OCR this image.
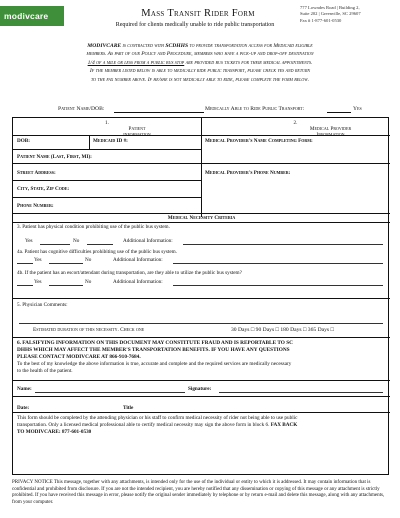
modivcare	Mass Transit Rider Form
Required for clients medically unable to ride public transportation
777 Lowndes Road | Building 2,
Suite 202 | Greenville, SC 29607
Fax # 1-877-601-0530
MODIVCARE is contracted with SCDHHS to provide transportation access for Medicaid eligible
members. As part of our Policy and Procedure, members who have a pick-up and drop-off destination
1/4 of a mile or less from a public bus stop are provided bus tickets for their medical appointments.
If the member listed below is able to medically ride public transport, please check yes and return
to the fax number above. If he/she is not medically able to ride, please complete the form below.
Patient Name/DOB:	Medically Able to Ride Public Transport:	Yes
1.
Patient
information
2.
Medical Provider
Information
DOB:	Medicaid ID #:	Medical Provider's Name Completing Form:
Patient Name (Last, First, MI):
Street Address:	Medical Provider's Phone Number:
City, State, Zip Code:
Phone Number:
Medical Necessity Criteria
3. Patient has physical condition prohibiting use of the public bus system.
Yes	No	Additional Information:
4a. Patient has cognitive difficulties prohibiting use of the public bus system.
Yes	No	Additional Information:
4b. If the patient has an escort/attendant during transportation, are they able to utilize the public bus system?
Yes	No	Additional Information:
5. Physician Comments:
Estimated duration of this necessity. Check one	30 Days □ 90 Days □ 180 Days □ 365 Days □
6. FALSIFYING INFORMATION ON THIS DOCUMENT MAY CONSTITUTE FRAUD AND IS REPORTABLE TO SC
DHHS WHICH MAY AFFECT THE MEMBER'S TRANSPORTATION BENEFITS. IF YOU HAVE ANY QUESTIONS
PLEASE CONTACT MODIVCARE AT 866-910-7684.
To the best of my knowledge the above information is true, accurate and complete and the required services are medically necessary
to the health of the patient.
Name:	Signature:
Date:	Title
This form should be completed by the attending physician or his staff to confirm medical necessity of rider not being able to use public
transportation. Only a licensed medical professional able to certify medical necessity may sign the above form in block 6. FAX BACK
TO MODIVCARE: 877-601-0530
PRIVACY NOTICE This message, together with any attachments, is intended only for the use of the individual or entity to which it is addressed. It may contain information that is confidential and prohibited from disclosure. If you are not the intended recipient, you are hereby notified that any dissemination or copying of this message or any attachment is strictly prohibited. If you have received this message in error, please notify the original sender immediately by telephone or by return e-mail and delete this message, along with any attachments, from your computer.
